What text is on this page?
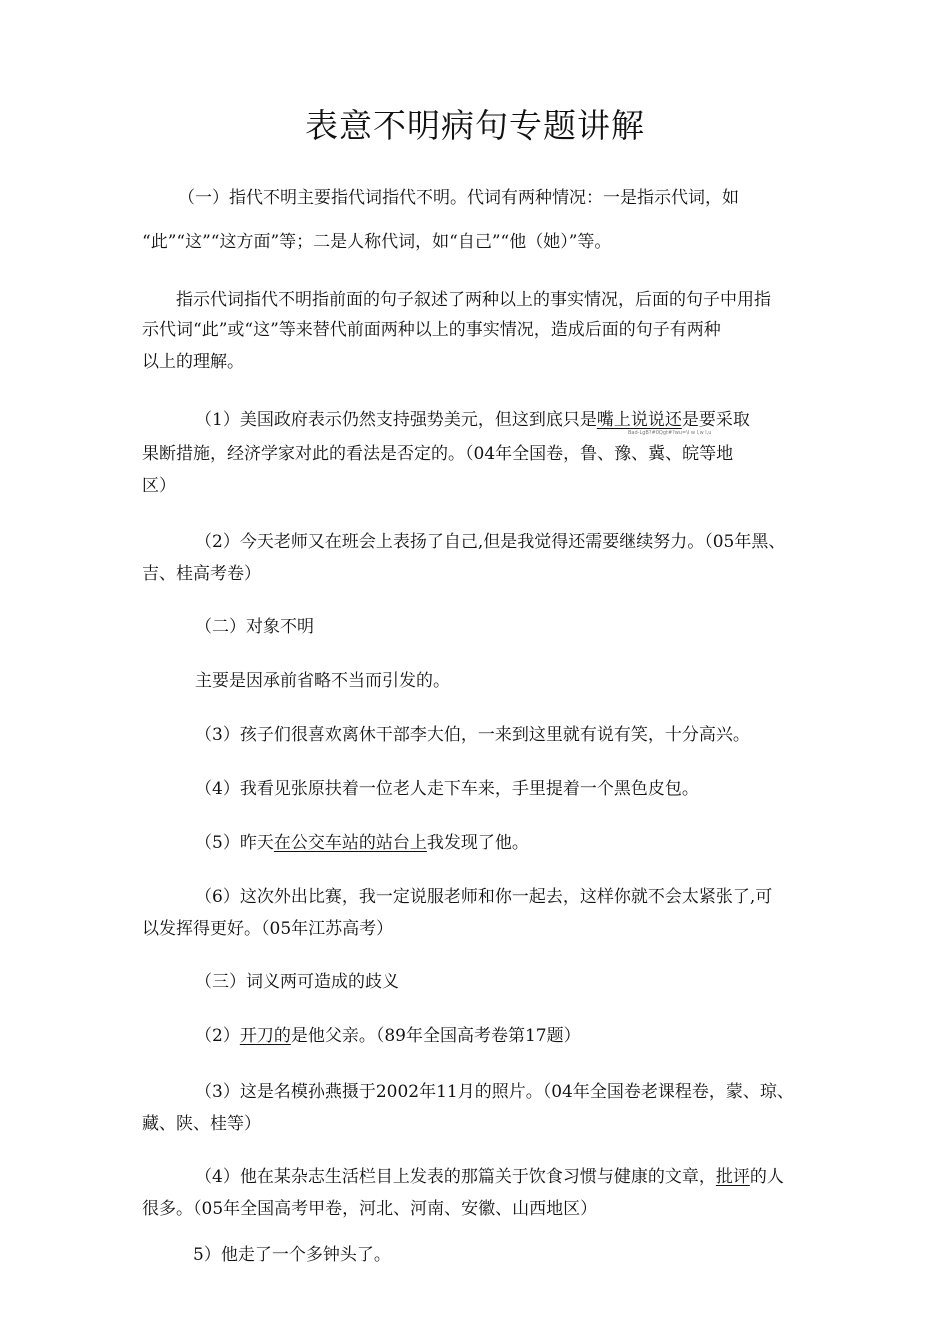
表意不明病句专题讲解
（一）指代不明主要指代词指代不明。代词有两种情况：一是指示代词，如
“此”“这”“这方面”等；二是人称代词，如“自己”“他（她）”等。
指示代词指代不明指前面的句子叙述了两种以上的事实情况，后面的句子中用指
示代词“此”或“这”等来替代前面两种以上的事实情况，造成后面的句子有两种
以上的理解。
（1）美国政府表示仍然支持强势美元，但这到底只是嘴上说说还是要采取
Bad-LgB?#0Qgt#?wu=\l w l,w l,u
果断措施，经济学家对此的看法是否定的。（04年全国卷，鲁、豫、冀、皖等地
区）
（2）今天老师又在班会上表扬了自己,但是我觉得还需要继续努力。（05年黑、
吉、桂高考卷）
（二）对象不明
主要是因承前省略不当而引发的。
（3）孩子们很喜欢离休干部李大伯，一来到这里就有说有笑，十分高兴。
（4）我看见张原扶着一位老人走下车来，手里提着一个黑色皮包。
（5）昨天在公交车站的站台上我发现了他。
（6）这次外出比赛，我一定说服老师和你一起去，这样你就不会太紧张了,可
以发挥得更好。（05年江苏高考）
（三）词义两可造成的歧义
（2）开刀的是他父亲。（89年全国高考卷第17题）
（3）这是名模孙燕摄于2002年11月的照片。（04年全国卷老课程卷，蒙、琼、
藏、陕、桂等）
（4）他在某杂志生活栏目上发表的那篇关于饮食习惯与健康的文章，批评的人
很多。（05年全国高考甲卷，河北、河南、安徽、山西地区）
5）他走了一个多钟头了。
